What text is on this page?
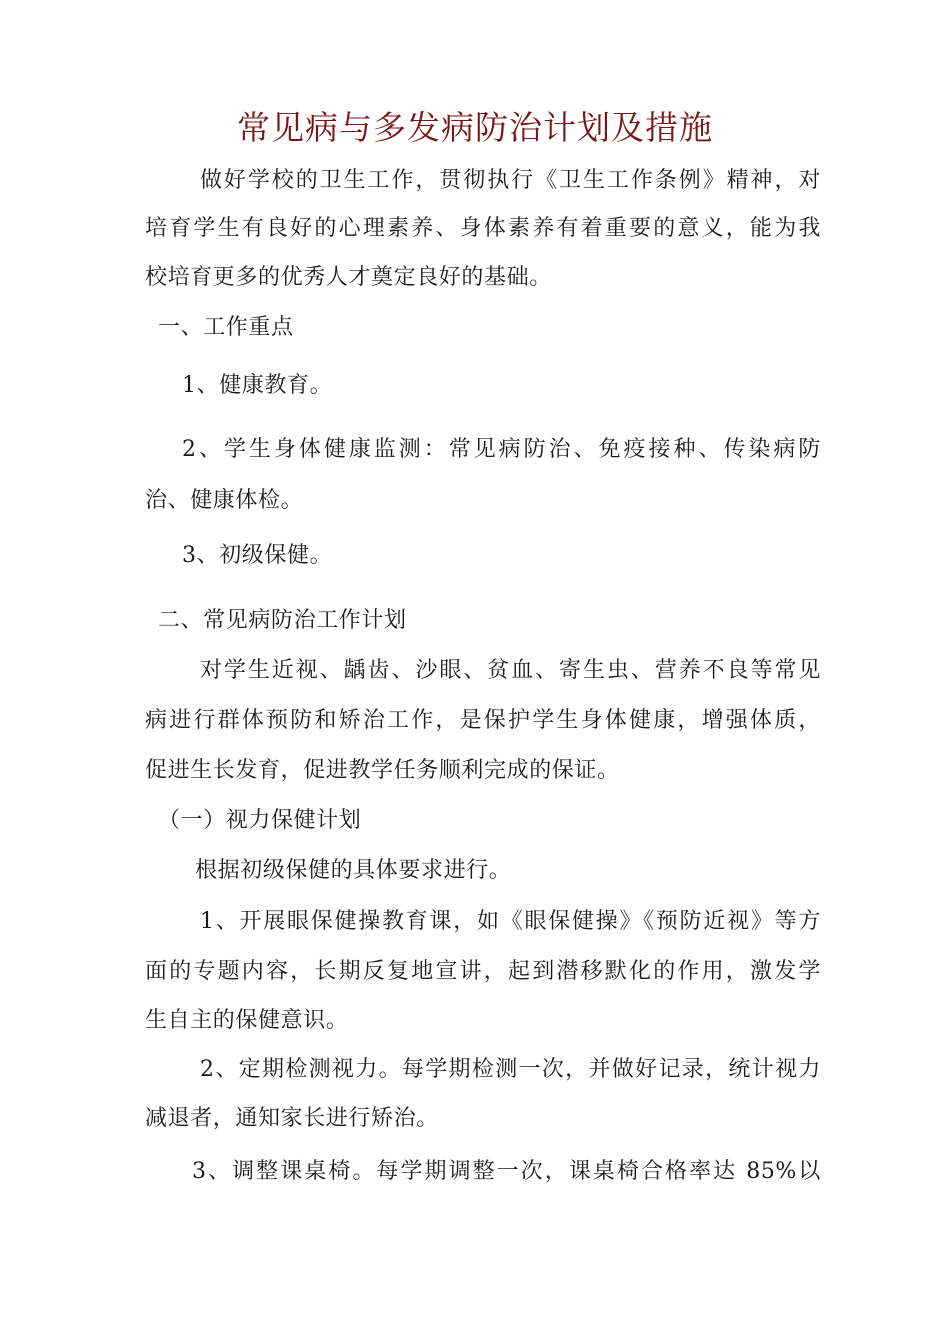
常见病与多发病防治计划及措施
做好学校的卫生工作，贯彻执行《卫生工作条例》精神，对
培育学生有良好的心理素养、身体素养有着重要的意义，能为我
校培育更多的优秀人才奠定良好的基础。
一、工作重点
1、健康教育。
2、学生身体健康监测：常见病防治、免疫接种、传染病防
治、健康体检。
3、初级保健。
二、常见病防治工作计划
对学生近视、龋齿、沙眼、贫血、寄生虫、营养不良等常见
病进行群体预防和矫治工作，是保护学生身体健康，增强体质，
促进生长发育，促进教学任务顺利完成的保证。
（一）视力保健计划
根据初级保健的具体要求进行。
1、开展眼保健操教育课，如《眼保健操》《预防近视》等方
面的专题内容，长期反复地宣讲，起到潜移默化的作用，激发学
生自主的保健意识。
2、定期检测视力。每学期检测一次，并做好记录，统计视力
减退者，通知家长进行矫治。
3、调整课桌椅。每学期调整一次，课桌椅合格率达 85%以
